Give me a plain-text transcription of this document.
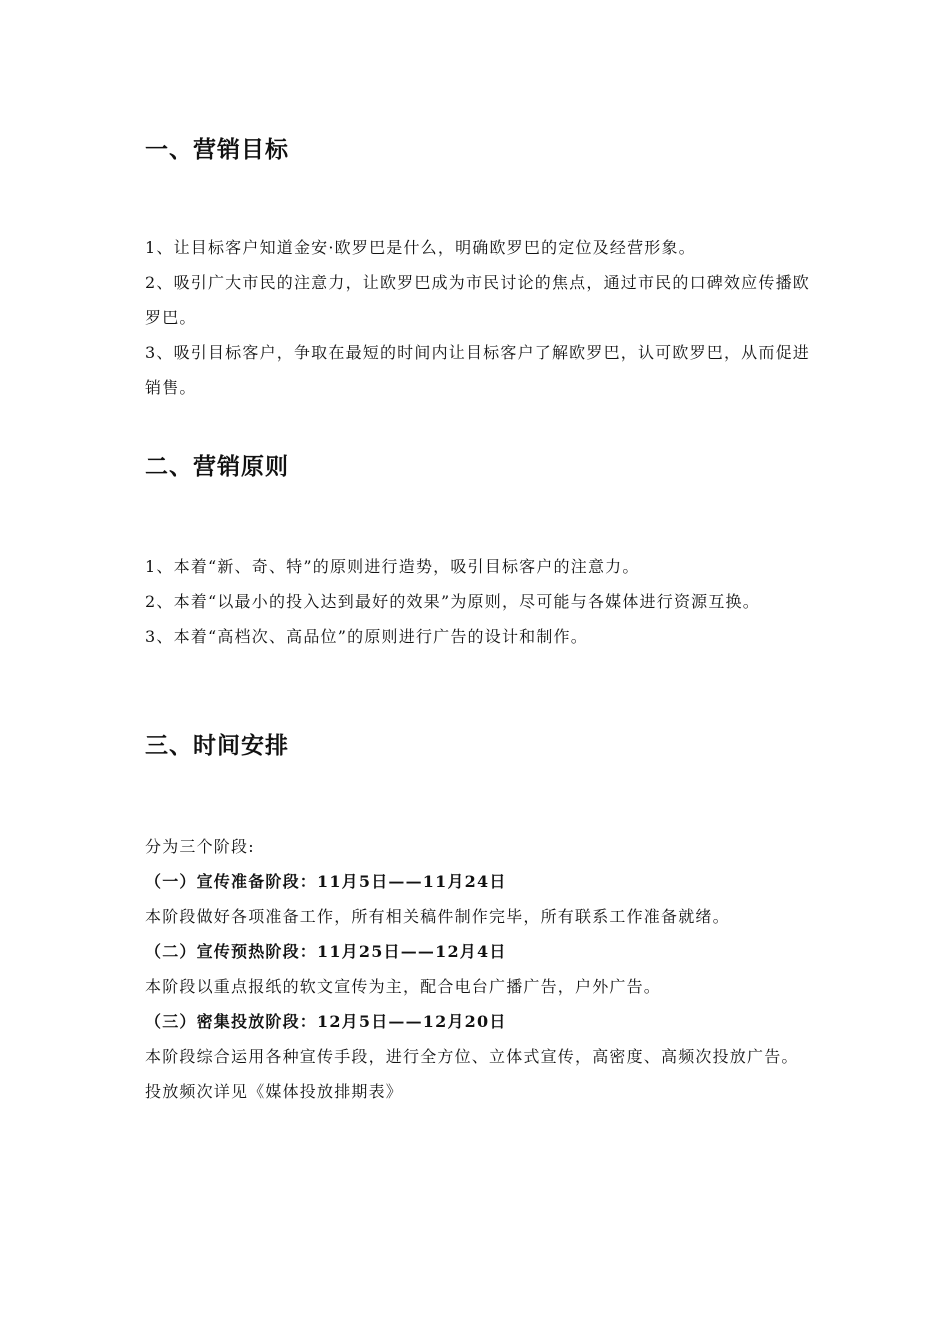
一、营销目标

1、让目标客户知道金安·欧罗巴是什么，明确欧罗巴的定位及经营形象。

2、吸引广大市民的注意力，让欧罗巴成为市民讨论的焦点，通过市民的口碑效应传播欧罗巴。

3、吸引目标客户，争取在最短的时间内让目标客户了解欧罗巴，认可欧罗巴，从而促进销售。

二、营销原则

1、本着“新、奇、特”的原则进行造势，吸引目标客户的注意力。

2、本着“以最小的投入达到最好的效果”为原则，尽可能与各媒体进行资源互换。

3、本着“高档次、高品位”的原则进行广告的设计和制作。

三、时间安排

分为三个阶段:

（一）宣传准备阶段：11月5日——11月24日

本阶段做好各项准备工作，所有相关稿件制作完毕，所有联系工作准备就绪。

（二）宣传预热阶段：11月25日——12月4日

本阶段以重点报纸的软文宣传为主，配合电台广播广告，户外广告。

（三）密集投放阶段：12月5日——12月20日

本阶段综合运用各种宣传手段，进行全方位、立体式宣传，高密度、高频次投放广告。

投放频次详见《媒体投放排期表》
